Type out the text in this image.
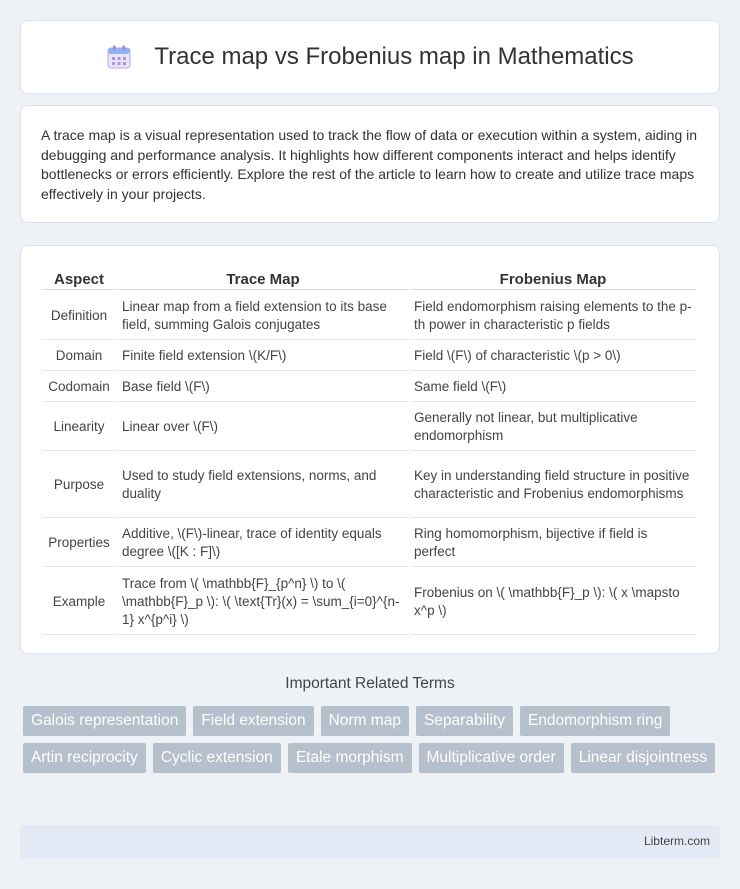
Trace map vs Frobenius map in Mathematics

A trace map is a visual representation used to track the flow of data or execution within a system, aiding in debugging and performance analysis. It highlights how different components interact and helps identify bottlenecks or errors efficiently. Explore the rest of the article to learn how to create and utilize trace maps effectively in your projects.

Aspect	Trace Map	Frobenius Map
Definition	Linear map from a field extension to its base field, summing Galois conjugates	Field endomorphism raising elements to the p-th power in characteristic p fields
Domain	Finite field extension \(K/F\)	Field \(F\) of characteristic \(p > 0\)
Codomain	Base field \(F\)	Same field \(F\)
Linearity	Linear over \(F\)	Generally not linear, but multiplicative endomorphism
Purpose	Used to study field extensions, norms, and duality	Key in understanding field structure in positive characteristic and Frobenius endomorphisms
Properties	Additive, \(F\)-linear, trace of identity equals degree \([K : F]\)	Ring homomorphism, bijective if field is perfect
Example	Trace from \( \mathbb{F}_{p^n} \) to \( \mathbb{F}_p \): \( \text{Tr}(x) = \sum_{i=0}^{n-1} x^{p^i} \)	Frobenius on \( \mathbb{F}_p \): \( x \mapsto x^p \)
Important Related Terms
Galois representation	Field extension	Norm map	Separability	Endomorphism ring
Artin reciprocity	Cyclic extension	Etale morphism	Multiplicative order	Linear disjointness
Libterm.com
